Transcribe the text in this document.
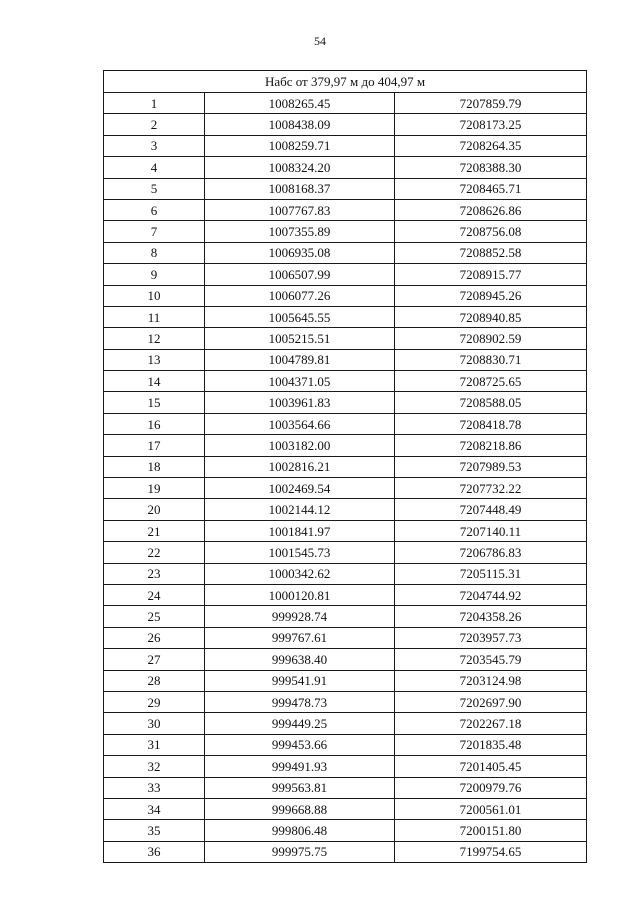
54
Набс от 379,97 м до 404,97 м		
1	1008265.45	7207859.79
2	1008438.09	7208173.25
3	1008259.71	7208264.35
4	1008324.20	7208388.30
5	1008168.37	7208465.71
6	1007767.83	7208626.86
7	1007355.89	7208756.08
8	1006935.08	7208852.58
9	1006507.99	7208915.77
10	1006077.26	7208945.26
11	1005645.55	7208940.85
12	1005215.51	7208902.59
13	1004789.81	7208830.71
14	1004371.05	7208725.65
15	1003961.83	7208588.05
16	1003564.66	7208418.78
17	1003182.00	7208218.86
18	1002816.21	7207989.53
19	1002469.54	7207732.22
20	1002144.12	7207448.49
21	1001841.97	7207140.11
22	1001545.73	7206786.83
23	1000342.62	7205115.31
24	1000120.81	7204744.92
25	999928.74	7204358.26
26	999767.61	7203957.73
27	999638.40	7203545.79
28	999541.91	7203124.98
29	999478.73	7202697.90
30	999449.25	7202267.18
31	999453.66	7201835.48
32	999491.93	7201405.45
33	999563.81	7200979.76
34	999668.88	7200561.01
35	999806.48	7200151.80
36	999975.75	7199754.65
